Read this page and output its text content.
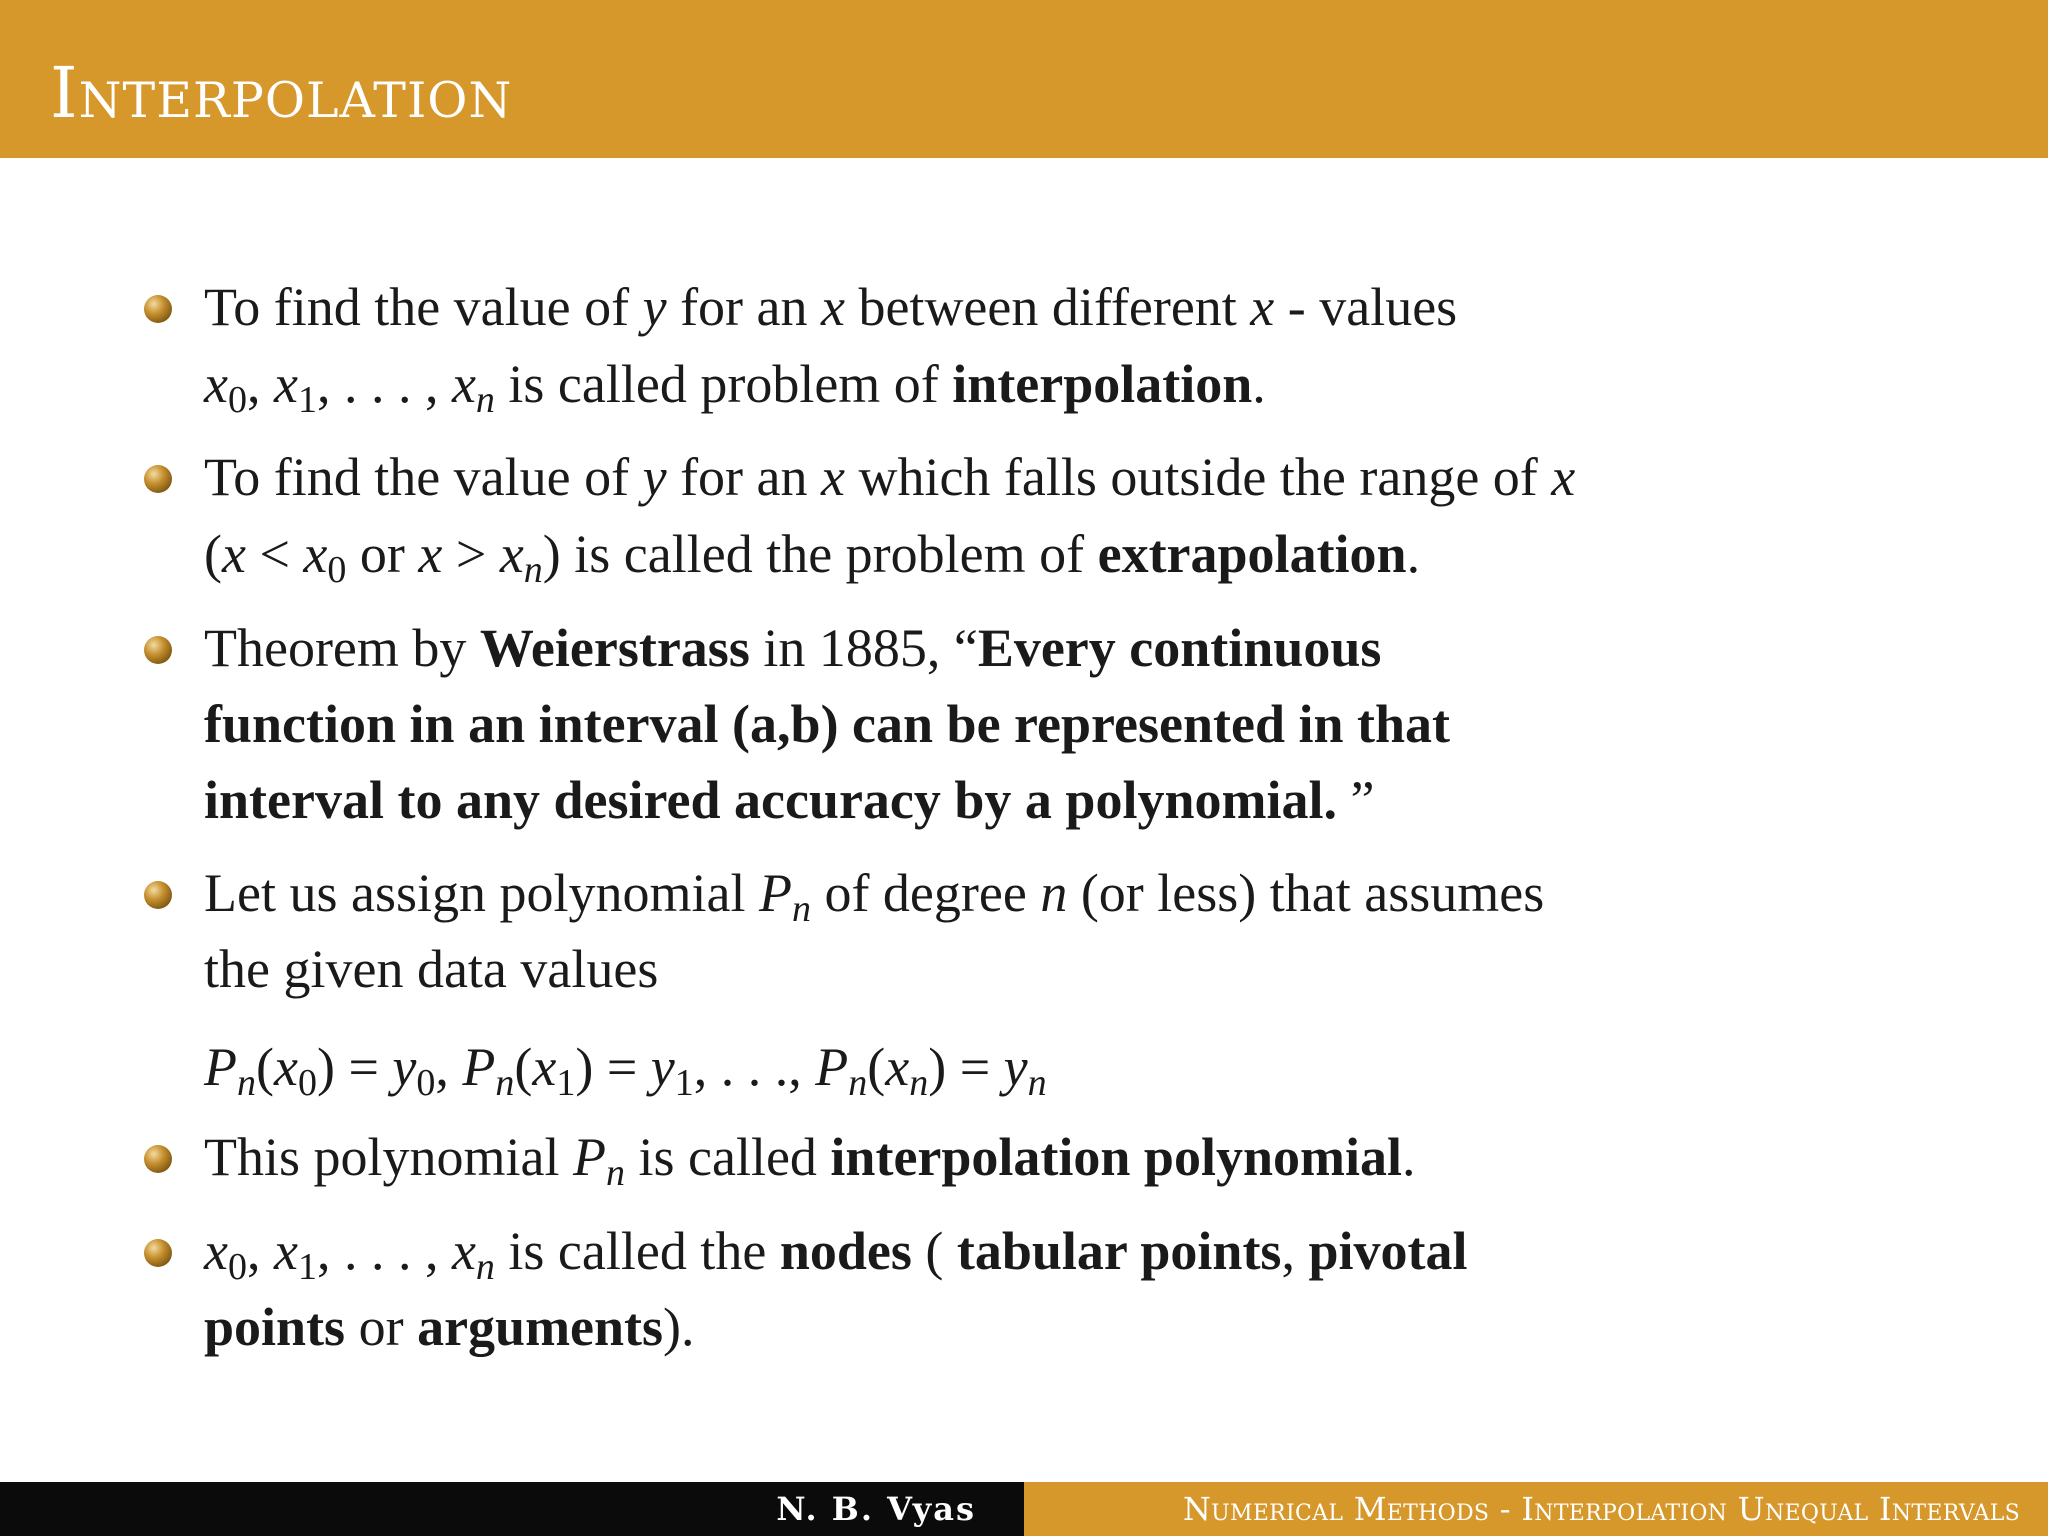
Interpolation
To find the value of y for an x between different x - values
$x_0$, $x_1$, . . . , $x_n$ is called problem of interpolation.
To find the value of y for an x which falls outside the range of x
($x < x_0$ or $x > x_n$) is called the problem of extrapolation.
Theorem by Weierstrass in 1885, “Every continuous
function in an interval (a,b) can be represented in that
interval to any desired accuracy by a polynomial. ”
Let us assign polynomial $P_n$ of degree n (or less) that assumes
the given data values
$P_n(x_0) = y_0$, $P_n(x_1) = y_1$, . . ., $P_n(x_n) = y_n$
This polynomial $P_n$ is called interpolation polynomial.
$x_0$, $x_1$, . . . , $x_n$ is called the nodes ( tabular points, pivotal
points or arguments).
N. B. Vyas	Numerical Methods - Interpolation Unequal Intervals
